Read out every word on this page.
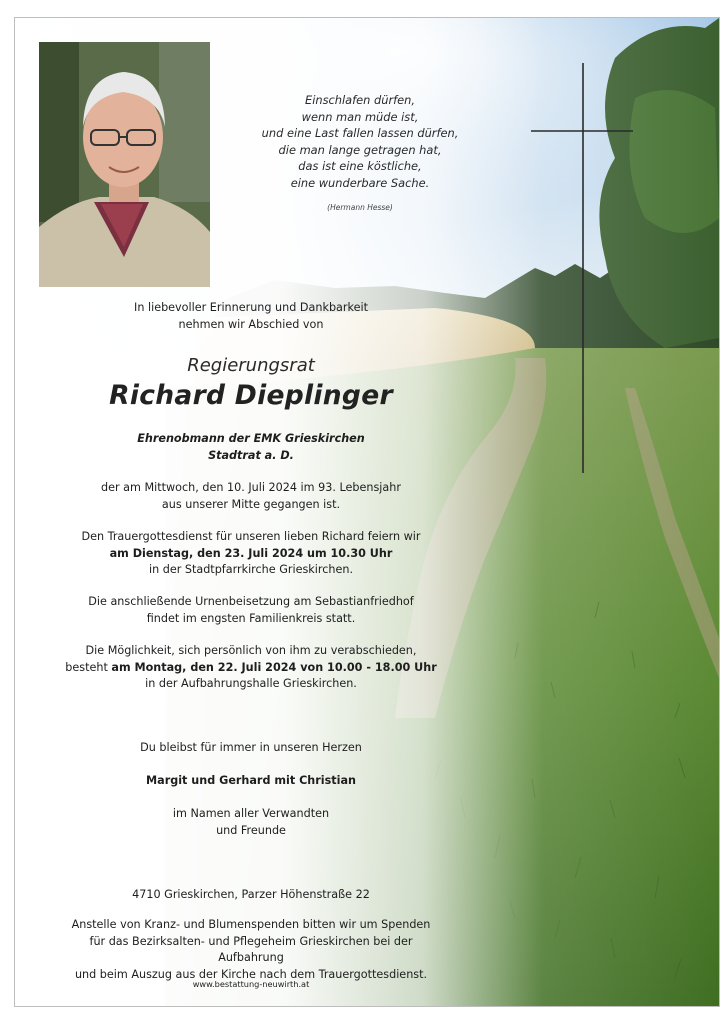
Einschlafen dürfen,
wenn man müde ist,
und eine Last fallen lassen dürfen,
die man lange getragen hat,
das ist eine köstliche,
eine wunderbare Sache.
(Hermann Hesse)
In liebevoller Erinnerung und Dankbarkeit
nehmen wir Abschied von
Regierungsrat
Richard Dieplinger
Ehrenobmann der EMK Grieskirchen
Stadtrat a. D.
der am Mittwoch, den 10. Juli 2024 im 93. Lebensjahr
aus unserer Mitte gegangen ist.
Den Trauergottesdienst für unseren lieben Richard feiern wir
am Dienstag, den 23. Juli 2024 um 10.30 Uhr
in der Stadtpfarrkirche Grieskirchen.
Die anschließende Urnenbeisetzung am Sebastianfriedhof
findet im engsten Familienkreis statt.
Die Möglichkeit, sich persönlich von ihm zu verabschieden,
besteht am Montag, den 22. Juli 2024 von 10.00 - 18.00 Uhr
in der Aufbahrungshalle Grieskirchen.
Du bleibst für immer in unseren Herzen
Margit und Gerhard mit Christian
im Namen aller Verwandten
und Freunde
4710 Grieskirchen, Parzer Höhenstraße 22
Anstelle von Kranz- und Blumenspenden bitten wir um Spenden
für das Bezirksalten- und Pflegeheim Grieskirchen bei der Aufbahrung
und beim Auszug aus der Kirche nach dem Trauergottesdienst.
www.bestattung-neuwirth.at
